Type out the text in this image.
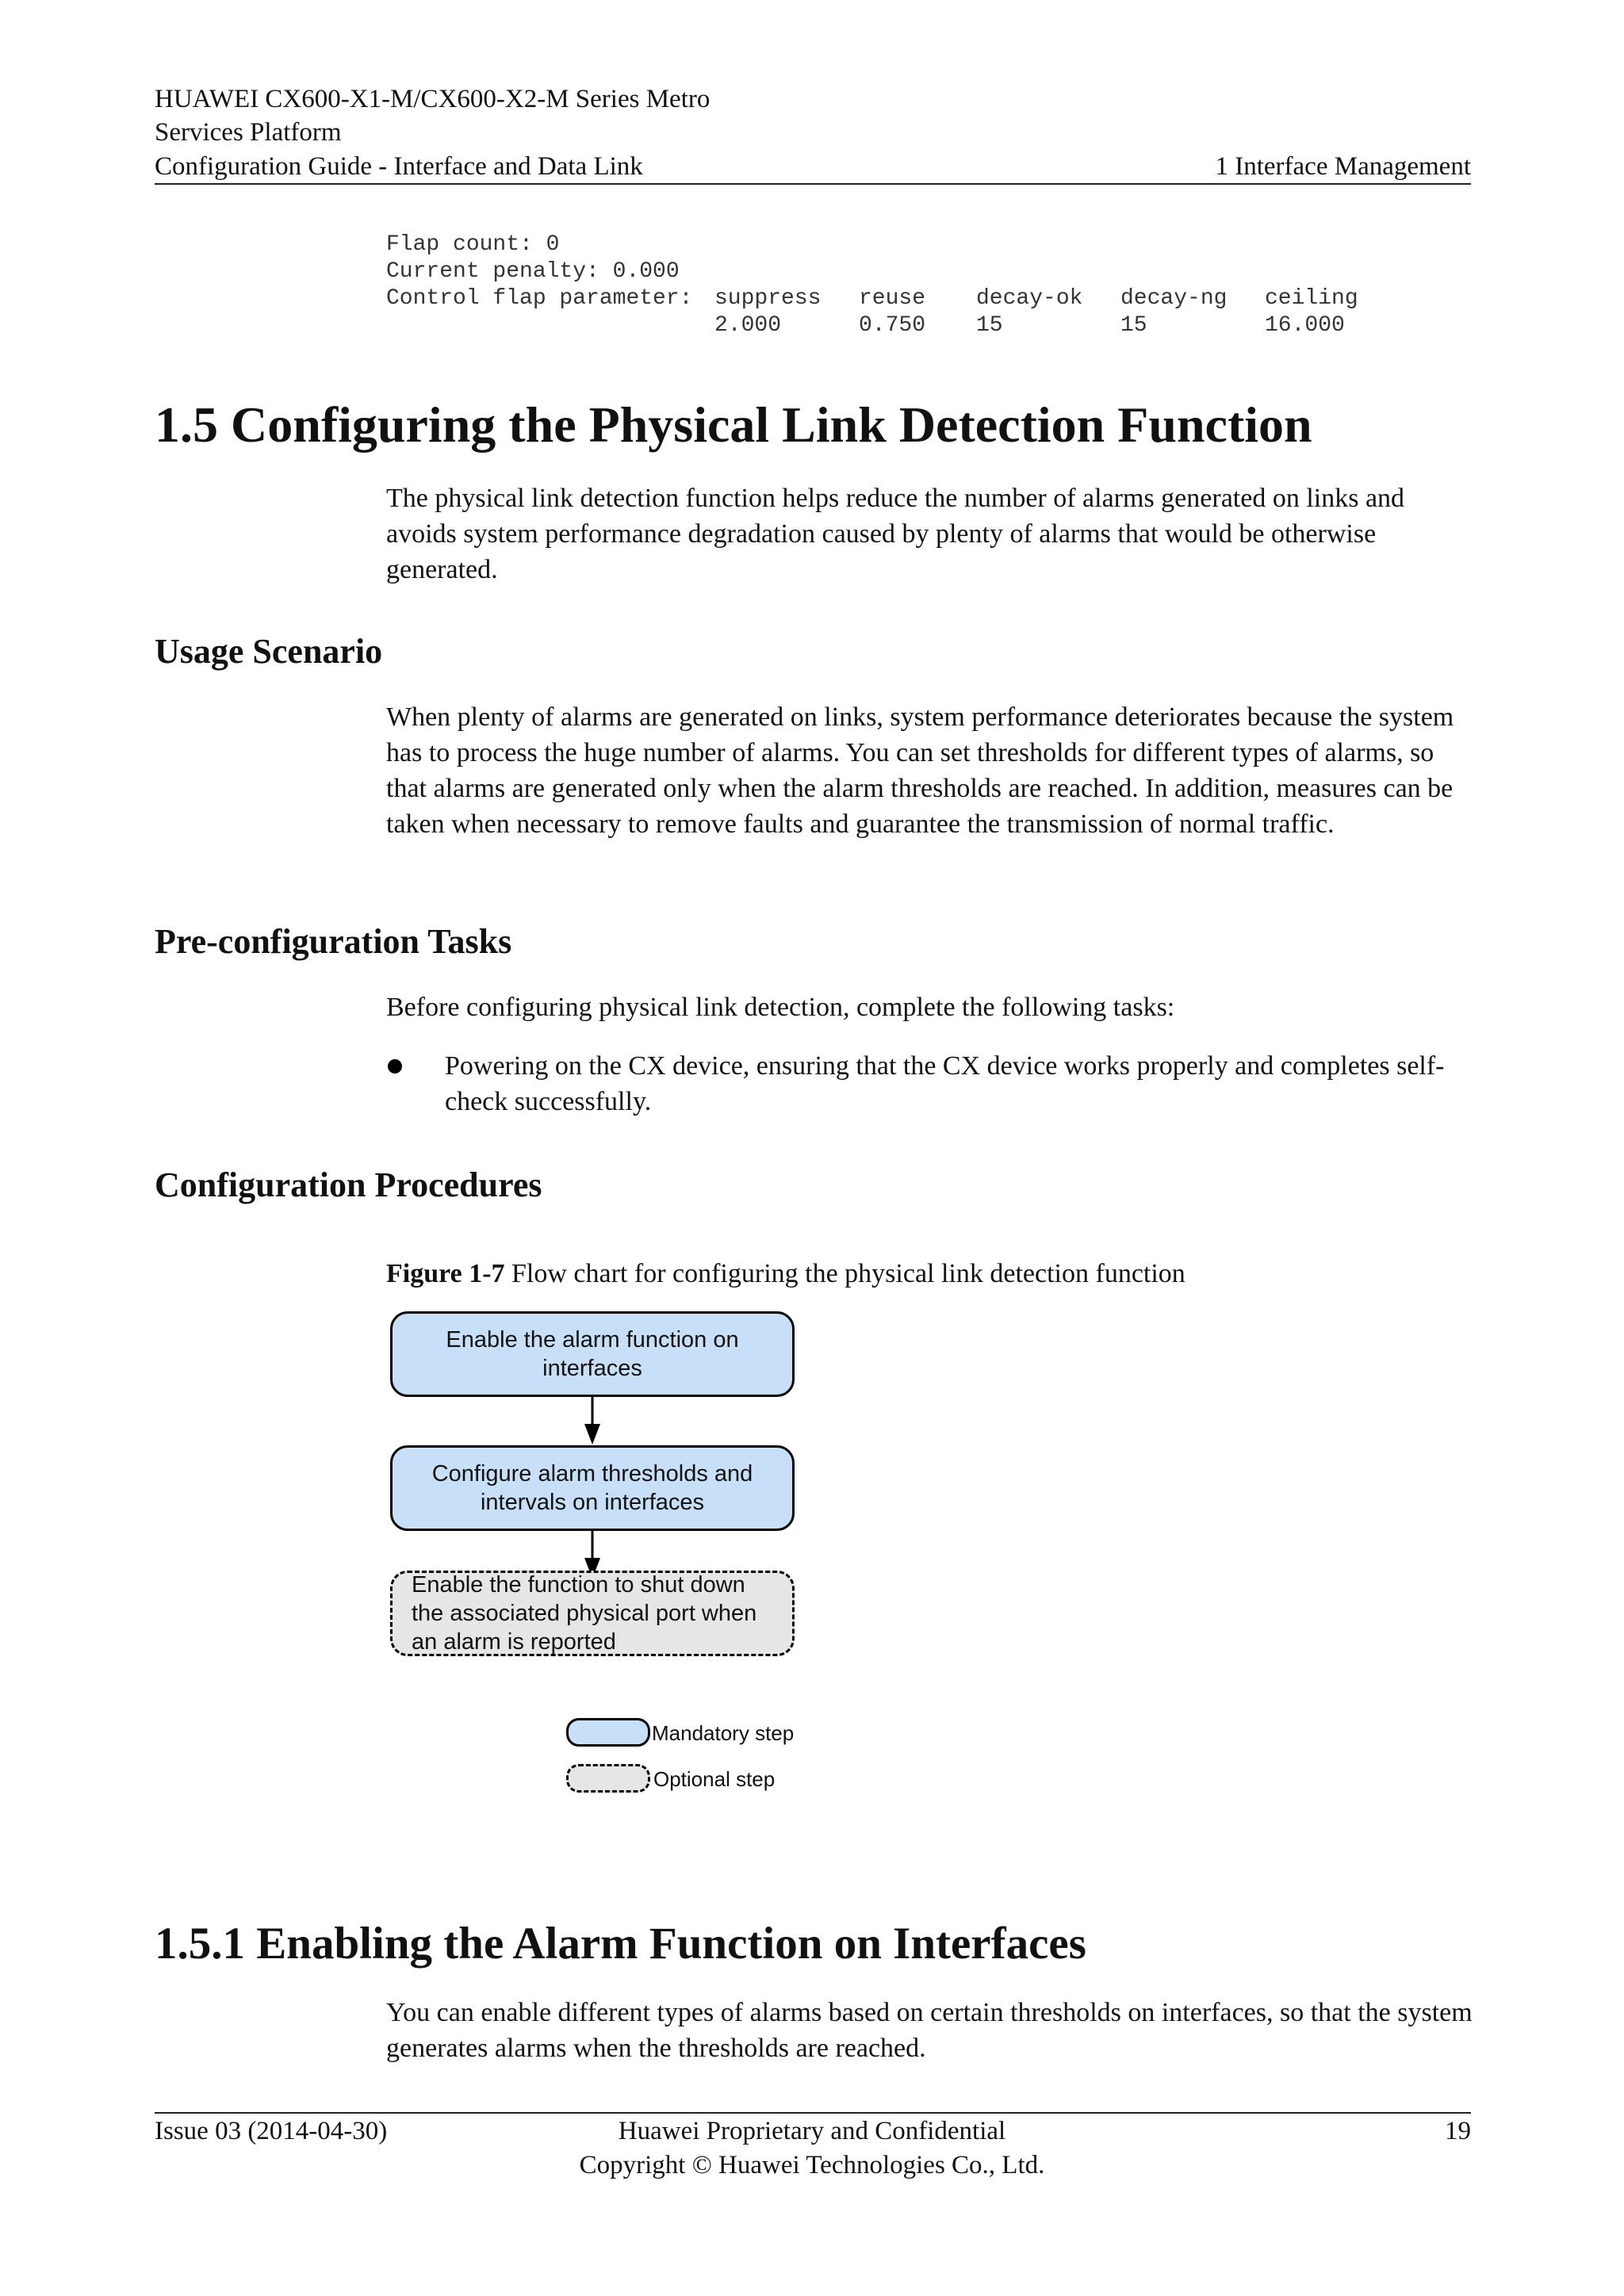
HUAWEI CX600-X1-M/CX600-X2-M Series Metro
Services Platform
Configuration Guide - Interface and Data Link	1 Interface Management
Flap count: 0
Current penalty: 0.000
Control flap parameter: suppress reuse decay-ok decay-ng ceiling
2.000	0.750 15	15	16.000
1.5 Configuring the Physical Link Detection Function
The physical link detection function helps reduce the number of alarms generated on links and avoids system performance degradation caused by plenty of alarms that would be otherwise generated.
Usage Scenario
When plenty of alarms are generated on links, system performance deteriorates because the system has to process the huge number of alarms. You can set thresholds for different types of alarms, so that alarms are generated only when the alarm thresholds are reached. In addition, measures can be taken when necessary to remove faults and guarantee the transmission of normal traffic.
Pre-configuration Tasks
Before configuring physical link detection, complete the following tasks:
Powering on the CX device, ensuring that the CX device works properly and completes self-check successfully.
Configuration Procedures
Figure 1-7 Flow chart for configuring the physical link detection function
Enable the alarm function on
interfaces
Configure alarm thresholds and
intervals on interfaces
Enable the function to shut down
the associated physical port when
an alarm is reported
Mandatory step
Optional step
1.5.1 Enabling the Alarm Function on Interfaces
You can enable different types of alarms based on certain thresholds on interfaces, so that the system generates alarms when the thresholds are reached.
Issue 03 (2014-04-30)	Huawei Proprietary and Confidential
Copyright © Huawei Technologies Co., Ltd.
19
